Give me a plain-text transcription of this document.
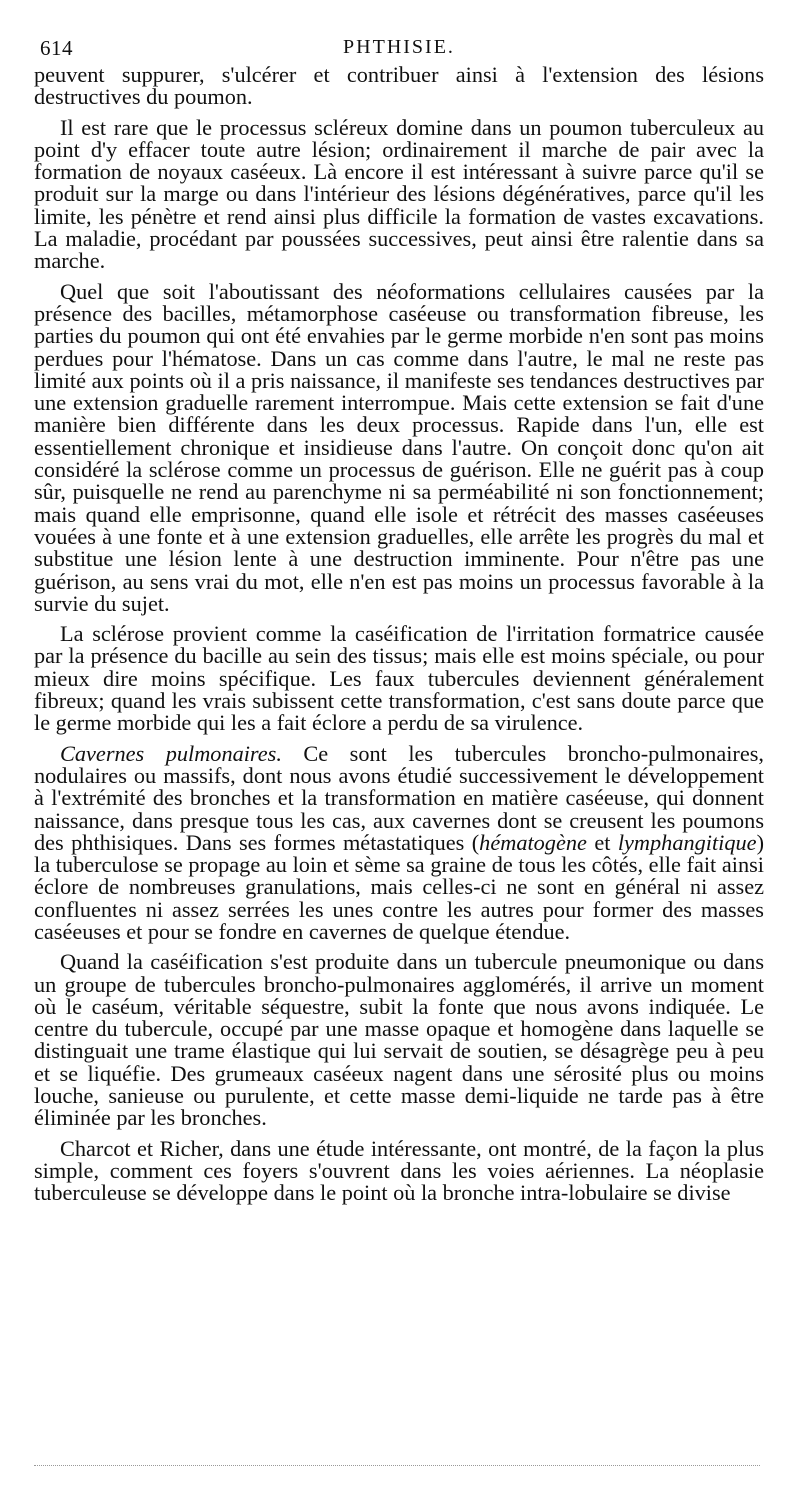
614	PHTHISIE.

peuvent suppurer, s'ulcérer et contribuer ainsi à l'extension des lésions destructives du poumon.

Il est rare que le processus scléreux domine dans un poumon tuberculeux au point d'y effacer toute autre lésion; ordinairement il marche de pair avec la formation de noyaux caséeux. Là encore il est intéressant à suivre parce qu'il se produit sur la marge ou dans l'intérieur des lésions dégénératives, parce qu'il les limite, les pénètre et rend ainsi plus difficile la formation de vastes excavations. La maladie, procédant par poussées successives, peut ainsi être ralentie dans sa marche.

Quel que soit l'aboutissant des néoformations cellulaires causées par la présence des bacilles, métamorphose caséeuse ou transformation fibreuse, les parties du poumon qui ont été envahies par le germe morbide n'en sont pas moins perdues pour l'hématose. Dans un cas comme dans l'autre, le mal ne reste pas limité aux points où il a pris naissance, il manifeste ses tendances destructives par une extension graduelle rarement interrompue. Mais cette extension se fait d'une manière bien différente dans les deux processus. Rapide dans l'un, elle est essentiellement chronique et insidieuse dans l'autre. On conçoit donc qu'on ait considéré la sclérose comme un processus de guérison. Elle ne guérit pas à coup sûr, puisquelle ne rend au parenchyme ni sa perméabilité ni son fonctionnement; mais quand elle emprisonne, quand elle isole et rétrécit des masses caséeuses vouées à une fonte et à une extension graduelles, elle arrête les progrès du mal et substitue une lésion lente à une destruction imminente. Pour n'être pas une guérison, au sens vrai du mot, elle n'en est pas moins un processus favorable à la survie du sujet.

La sclérose provient comme la caséification de l'irritation formatrice causée par la présence du bacille au sein des tissus; mais elle est moins spéciale, ou pour mieux dire moins spécifique. Les faux tubercules deviennent généralement fibreux; quand les vrais subissent cette transformation, c'est sans doute parce que le germe morbide qui les a fait éclore a perdu de sa virulence.

Cavernes pulmonaires. Ce sont les tubercules broncho-pulmonaires, nodulaires ou massifs, dont nous avons étudié successivement le développement à l'extrémité des bronches et la transformation en matière caséeuse, qui donnent naissance, dans presque tous les cas, aux cavernes dont se creusent les poumons des phthisiques. Dans ses formes métastatiques (hématogène et lymphangitique) la tuberculose se propage au loin et sème sa graine de tous les côtés, elle fait ainsi éclore de nombreuses granulations, mais celles-ci ne sont en général ni assez confluentes ni assez serrées les unes contre les autres pour former des masses caséeuses et pour se fondre en cavernes de quelque étendue.

Quand la caséification s'est produite dans un tubercule pneumonique ou dans un groupe de tubercules broncho-pulmonaires agglomérés, il arrive un moment où le caséum, véritable séquestre, subit la fonte que nous avons indiquée. Le centre du tubercule, occupé par une masse opaque et homogène dans laquelle se distinguait une trame élastique qui lui servait de soutien, se désagrège peu à peu et se liquéfie. Des grumeaux caséeux nagent dans une sérosité plus ou moins louche, sanieuse ou purulente, et cette masse demi-liquide ne tarde pas à être éliminée par les bronches.

Charcot et Richer, dans une étude intéressante, ont montré, de la façon la plus simple, comment ces foyers s'ouvrent dans les voies aériennes. La néoplasie tuberculeuse se développe dans le point où la bronche intra-lobulaire se divise
